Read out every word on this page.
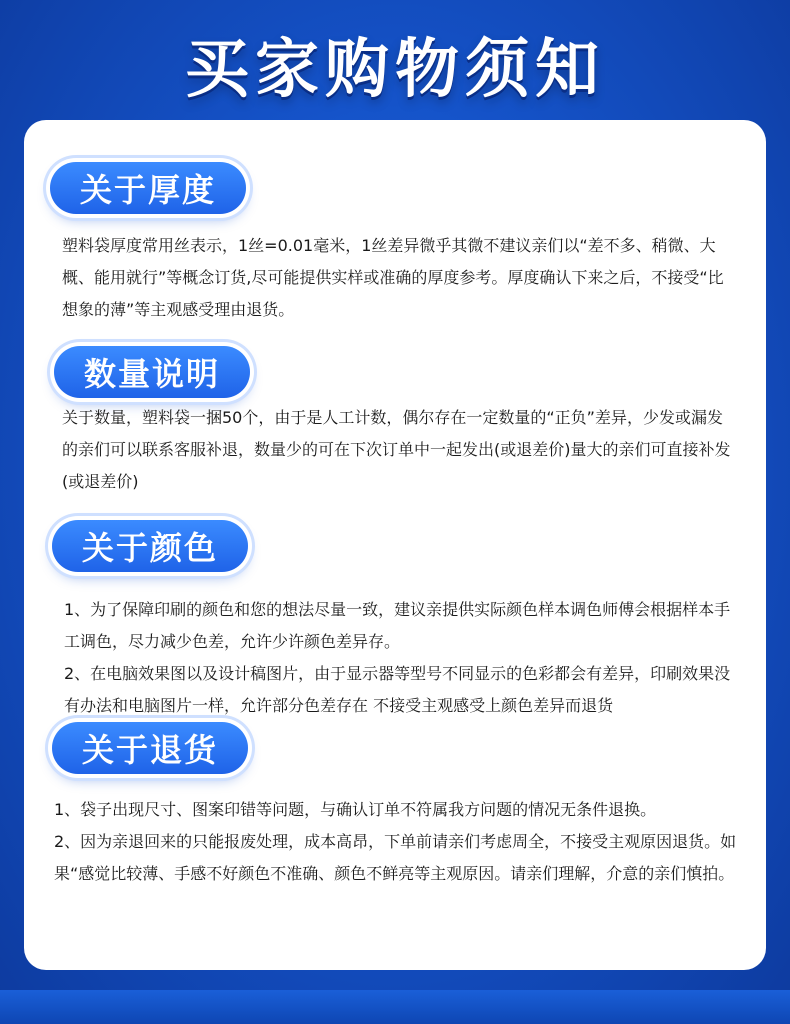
买家购物须知
关于厚度

塑料袋厚度常用丝表示，1丝=0.01毫米，1丝差异微乎其微不建议亲们以“差不多、稍微、大概、能用就行”等概念订货,尽可能提供实样或准确的厚度参考。厚度确认下来之后，不接受“比想象的薄”等主观感受理由退货。

数量说明

关于数量，塑料袋一捆50个，由于是人工计数，偶尔存在一定数量的“正负”差异，少发或漏发的亲们可以联系客服补退，数量少的可在下次订单中一起发出(或退差价)量大的亲们可直接补发(或退差价)

关于颜色

1、为了保障印刷的颜色和您的想法尽量一致，建议亲提供实际颜色样本调色师傅会根据样本手工调色，尽力减少色差，允许少许颜色差异存。

2、在电脑效果图以及设计稿图片，由于显示器等型号不同显示的色彩都会有差异，印刷效果没有办法和电脑图片一样，允许部分色差存在 不接受主观感受上颜色差异而退货

关于退货

1、袋子出现尺寸、图案印错等问题，与确认订单不符属我方问题的情况无条件退换。

2、因为亲退回来的只能报废处理，成本高昂，下单前请亲们考虑周全，不接受主观原因退货。如果“感觉比较薄、手感不好颜色不准确、颜色不鲜亮等主观原因。请亲们理解，介意的亲们慎拍。
